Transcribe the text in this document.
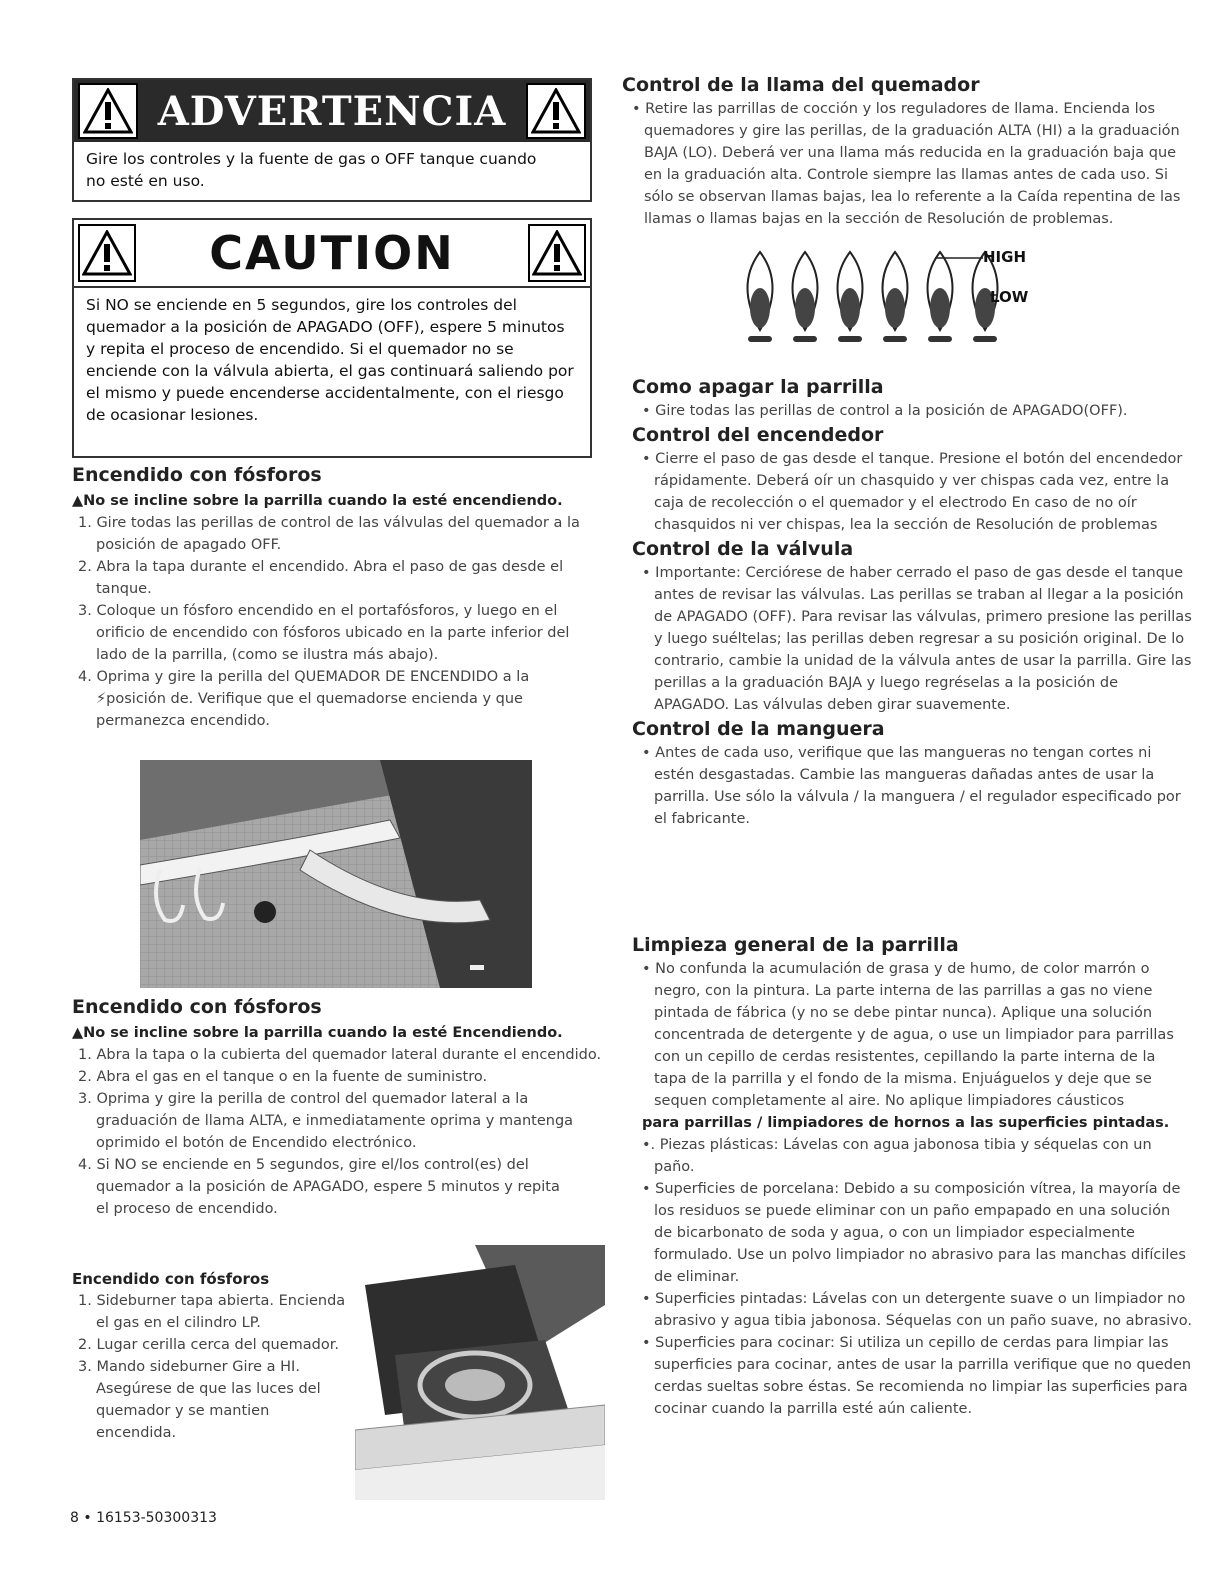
ADVERTENCIA
Gire los controles y la fuente de gas o OFF tanque cuando no esté en uso.
CAUTION
Si NO se enciende en 5 segundos, gire los controles del quemador a la posición de APAGADO (OFF), espere 5 minutos y repita el proceso de encendido. Si el quemador no se enciende con la válvula abierta, el gas continuará saliendo por el mismo y puede encenderse accidentalmente, con el riesgo de ocasionar lesiones.
Encendido con fósforos
▲No se incline sobre la parrilla cuando la esté encendiendo.
1. Gire todas las perillas de control de las válvulas del quemador a la posición de apagado OFF.
2. Abra la tapa durante el encendido. Abra el paso de gas desde el tanque.
3. Coloque un fósforo encendido en el portafósforos, y luego en el orificio de encendido con fósforos ubicado en la parte inferior del lado de la parrilla, (como se ilustra más abajo).
4. Oprima y gire la perilla del QUEMADOR DE ENCENDIDO a la ⚡posición de. Verifique que el quemadorse encienda y que permanezca encendido.
Encendido con fósforos
▲No se incline sobre la parrilla cuando la esté Encendiendo.
1. Abra la tapa o la cubierta del quemador lateral durante el encendido.
2. Abra el gas en el tanque o en la fuente de suministro.
3. Oprima y gire la perilla de control del quemador lateral a la graduación de llama ALTA, e inmediatamente oprima y mantenga oprimido el botón de Encendido electrónico.
4. Si NO se enciende en 5 segundos, gire el/los control(es) del quemador a la posición de APAGADO, espere 5 minutos y repita el proceso de encendido.
Encendido con fósforos
1. Sideburner tapa abierta. Encienda el gas en el cilindro LP.
2. Lugar cerilla cerca del quemador.
3. Mando sideburner Gire a HI. Asegúrese de que las luces del quemador y se mantien encendida.
Control de la llama del quemador
• Retire las parrillas de cocción y los reguladores de llama. Encienda los quemadores y gire las perillas, de la graduación ALTA (HI) a la graduación BAJA (LO). Deberá ver una llama más reducida en la graduación baja que en la graduación alta. Controle siempre las llamas antes de cada uso. Si sólo se observan llamas bajas, lea lo referente a la Caída repentina de las llamas o llamas bajas en la sección de Resolución de problemas.
HIGH
LOW
Como apagar la parrilla
• Gire todas las perillas de control a la posición de APAGADO(OFF).
Control del encendedor
• Cierre el paso de gas desde el tanque. Presione el botón del encendedor rápidamente. Deberá oír un chasquido y ver chispas cada vez, entre la caja de recolección o el quemador y el electrodo En caso de no oír chasquidos ni ver chispas, lea la sección de Resolución de problemas
Control de la válvula
• Importante: Cerciórese de haber cerrado el paso de gas desde el tanque antes de revisar las válvulas. Las perillas se traban al llegar a la posición de APAGADO (OFF). Para revisar las válvulas, primero presione las perillas y luego suéltelas; las perillas deben regresar a su posición original. De lo contrario, cambie la unidad de la válvula antes de usar la parrilla. Gire las perillas a la graduación BAJA y luego regréselas a la posición de APAGADO. Las válvulas deben girar suavemente.
Control de la manguera
• Antes de cada uso, verifique que las mangueras no tengan cortes ni estén desgastadas. Cambie las mangueras dañadas antes de usar la parrilla. Use sólo la válvula / la manguera / el regulador especificado por el fabricante.
Limpieza general de la parrilla
• No confunda la acumulación de grasa y de humo, de color marrón o negro, con la pintura. La parte interna de las parrillas a gas no viene pintada de fábrica (y no se debe pintar nunca). Aplique una solución concentrada de detergente y de agua, o use un limpiador para parrillas con un cepillo de cerdas resistentes, cepillando la parte interna de la tapa de la parrilla y el fondo de la misma. Enjuáguelos y deje que se sequen completamente al aire. No aplique limpiadores cáusticos
para parrillas / limpiadores de hornos a las superficies pintadas.
•. Piezas plásticas: Lávelas con agua jabonosa tibia y séquelas con un paño.
• Superficies de porcelana: Debido a su composición vítrea, la mayoría de los residuos se puede eliminar con un paño empapado en una solución de bicarbonato de soda y agua, o con un limpiador especialmente formulado. Use un polvo limpiador no abrasivo para las manchas difíciles de eliminar.
• Superficies pintadas: Lávelas con un detergente suave o un limpiador no abrasivo y agua tibia jabonosa. Séquelas con un paño suave, no abrasivo.
• Superficies para cocinar: Si utiliza un cepillo de cerdas para limpiar las superficies para cocinar, antes de usar la parrilla verifique que no queden cerdas sueltas sobre éstas. Se recomienda no limpiar las superficies para cocinar cuando la parrilla esté aún caliente.
8 • 16153-50300313
